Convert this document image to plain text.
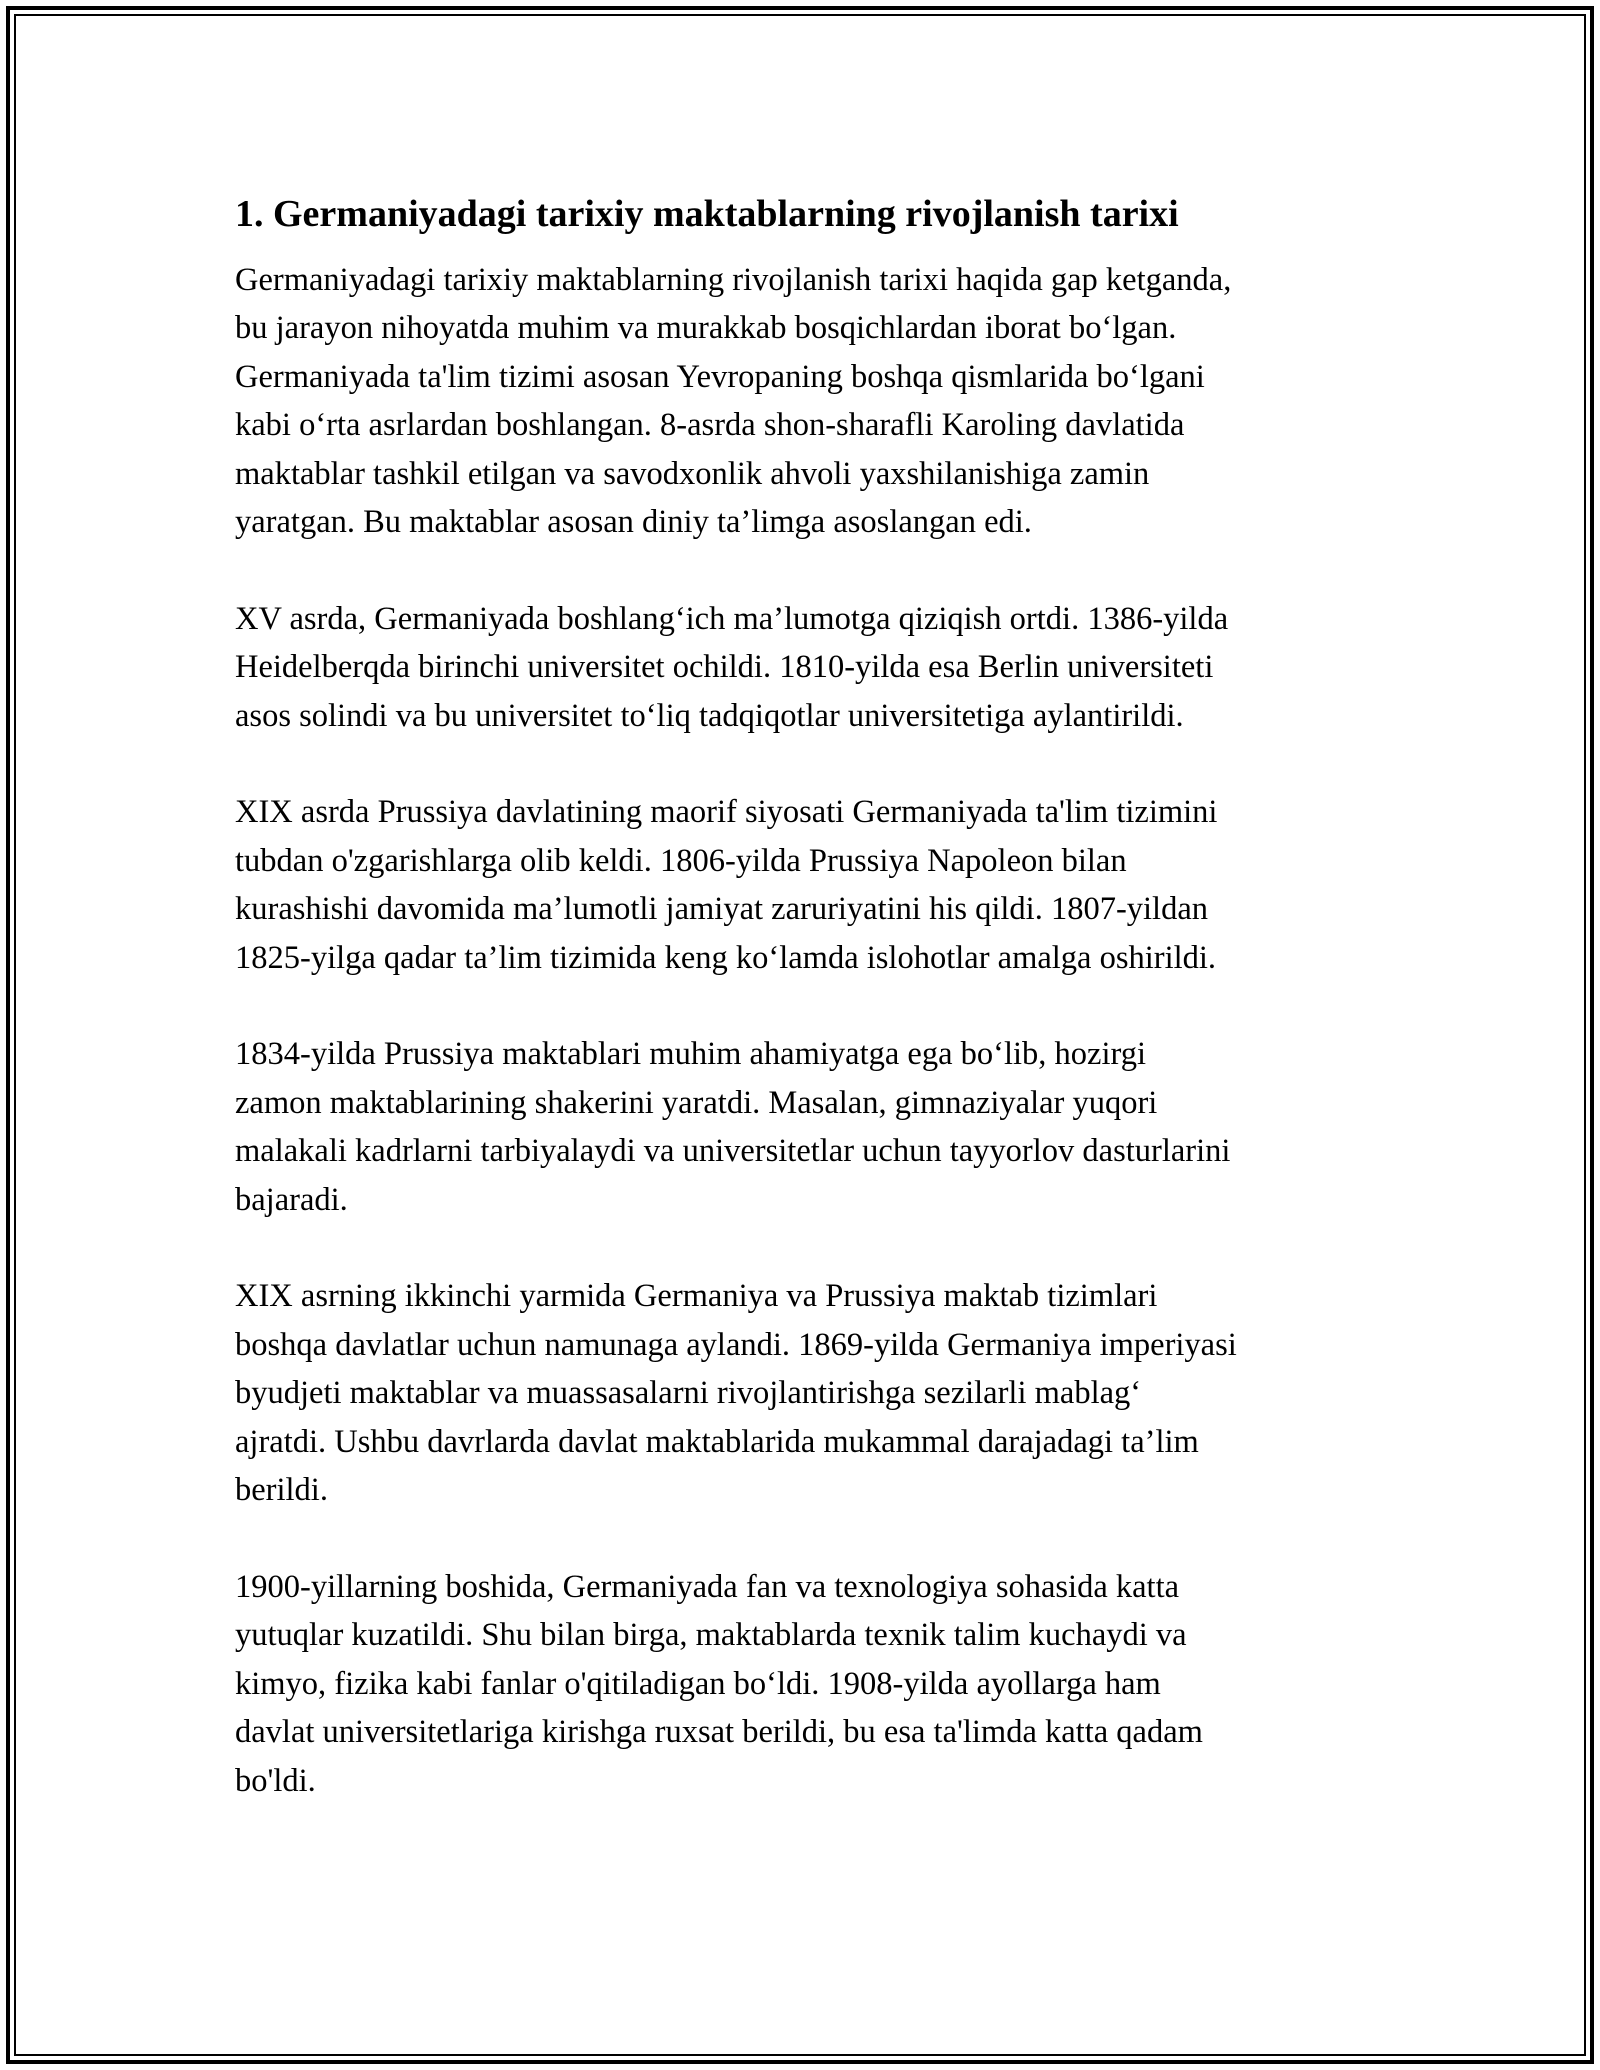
1. Germaniyadagi tarixiy maktablarning rivojlanish tarixi

Germaniyadagi tarixiy maktablarning rivojlanish tarixi haqida gap ketganda,
bu jarayon nihoyatda muhim va murakkab bosqichlardan iborat bo‘lgan.
Germaniyada ta'lim tizimi asosan Yevropaning boshqa qismlarida bo‘lgani
kabi o‘rta asrlardan boshlangan. 8-asrda shon-sharafli Karoling davlatida
maktablar tashkil etilgan va savodxonlik ahvoli yaxshilanishiga zamin
yaratgan. Bu maktablar asosan diniy ta’limga asoslangan edi.

XV asrda, Germaniyada boshlang‘ich ma’lumotga qiziqish ortdi. 1386-yilda
Heidelberqda birinchi universitet ochildi. 1810-yilda esa Berlin universiteti
asos solindi va bu universitet to‘liq tadqiqotlar universitetiga aylantirildi.

XIX asrda Prussiya davlatining maorif siyosati Germaniyada ta'lim tizimini
tubdan o'zgarishlarga olib keldi. 1806-yilda Prussiya Napoleon bilan
kurashishi davomida ma’lumotli jamiyat zaruriyatini his qildi. 1807-yildan
1825-yilga qadar ta’lim tizimida keng ko‘lamda islohotlar amalga oshirildi.

1834-yilda Prussiya maktablari muhim ahamiyatga ega bo‘lib, hozirgi
zamon maktablarining shakerini yaratdi. Masalan, gimnaziyalar yuqori
malakali kadrlarni tarbiyalaydi va universitetlar uchun tayyorlov dasturlarini
bajaradi.

XIX asrning ikkinchi yarmida Germaniya va Prussiya maktab tizimlari
boshqa davlatlar uchun namunaga aylandi. 1869-yilda Germaniya imperiyasi
byudjeti maktablar va muassasalarni rivojlantirishga sezilarli mablag‘
ajratdi. Ushbu davrlarda davlat maktablarida mukammal darajadagi ta’lim
berildi.

1900-yillarning boshida, Germaniyada fan va texnologiya sohasida katta
yutuqlar kuzatildi. Shu bilan birga, maktablarda texnik talim kuchaydi va
kimyo, fizika kabi fanlar o'qitiladigan bo‘ldi. 1908-yilda ayollarga ham
davlat universitetlariga kirishga ruxsat berildi, bu esa ta'limda katta qadam
bo'ldi.
